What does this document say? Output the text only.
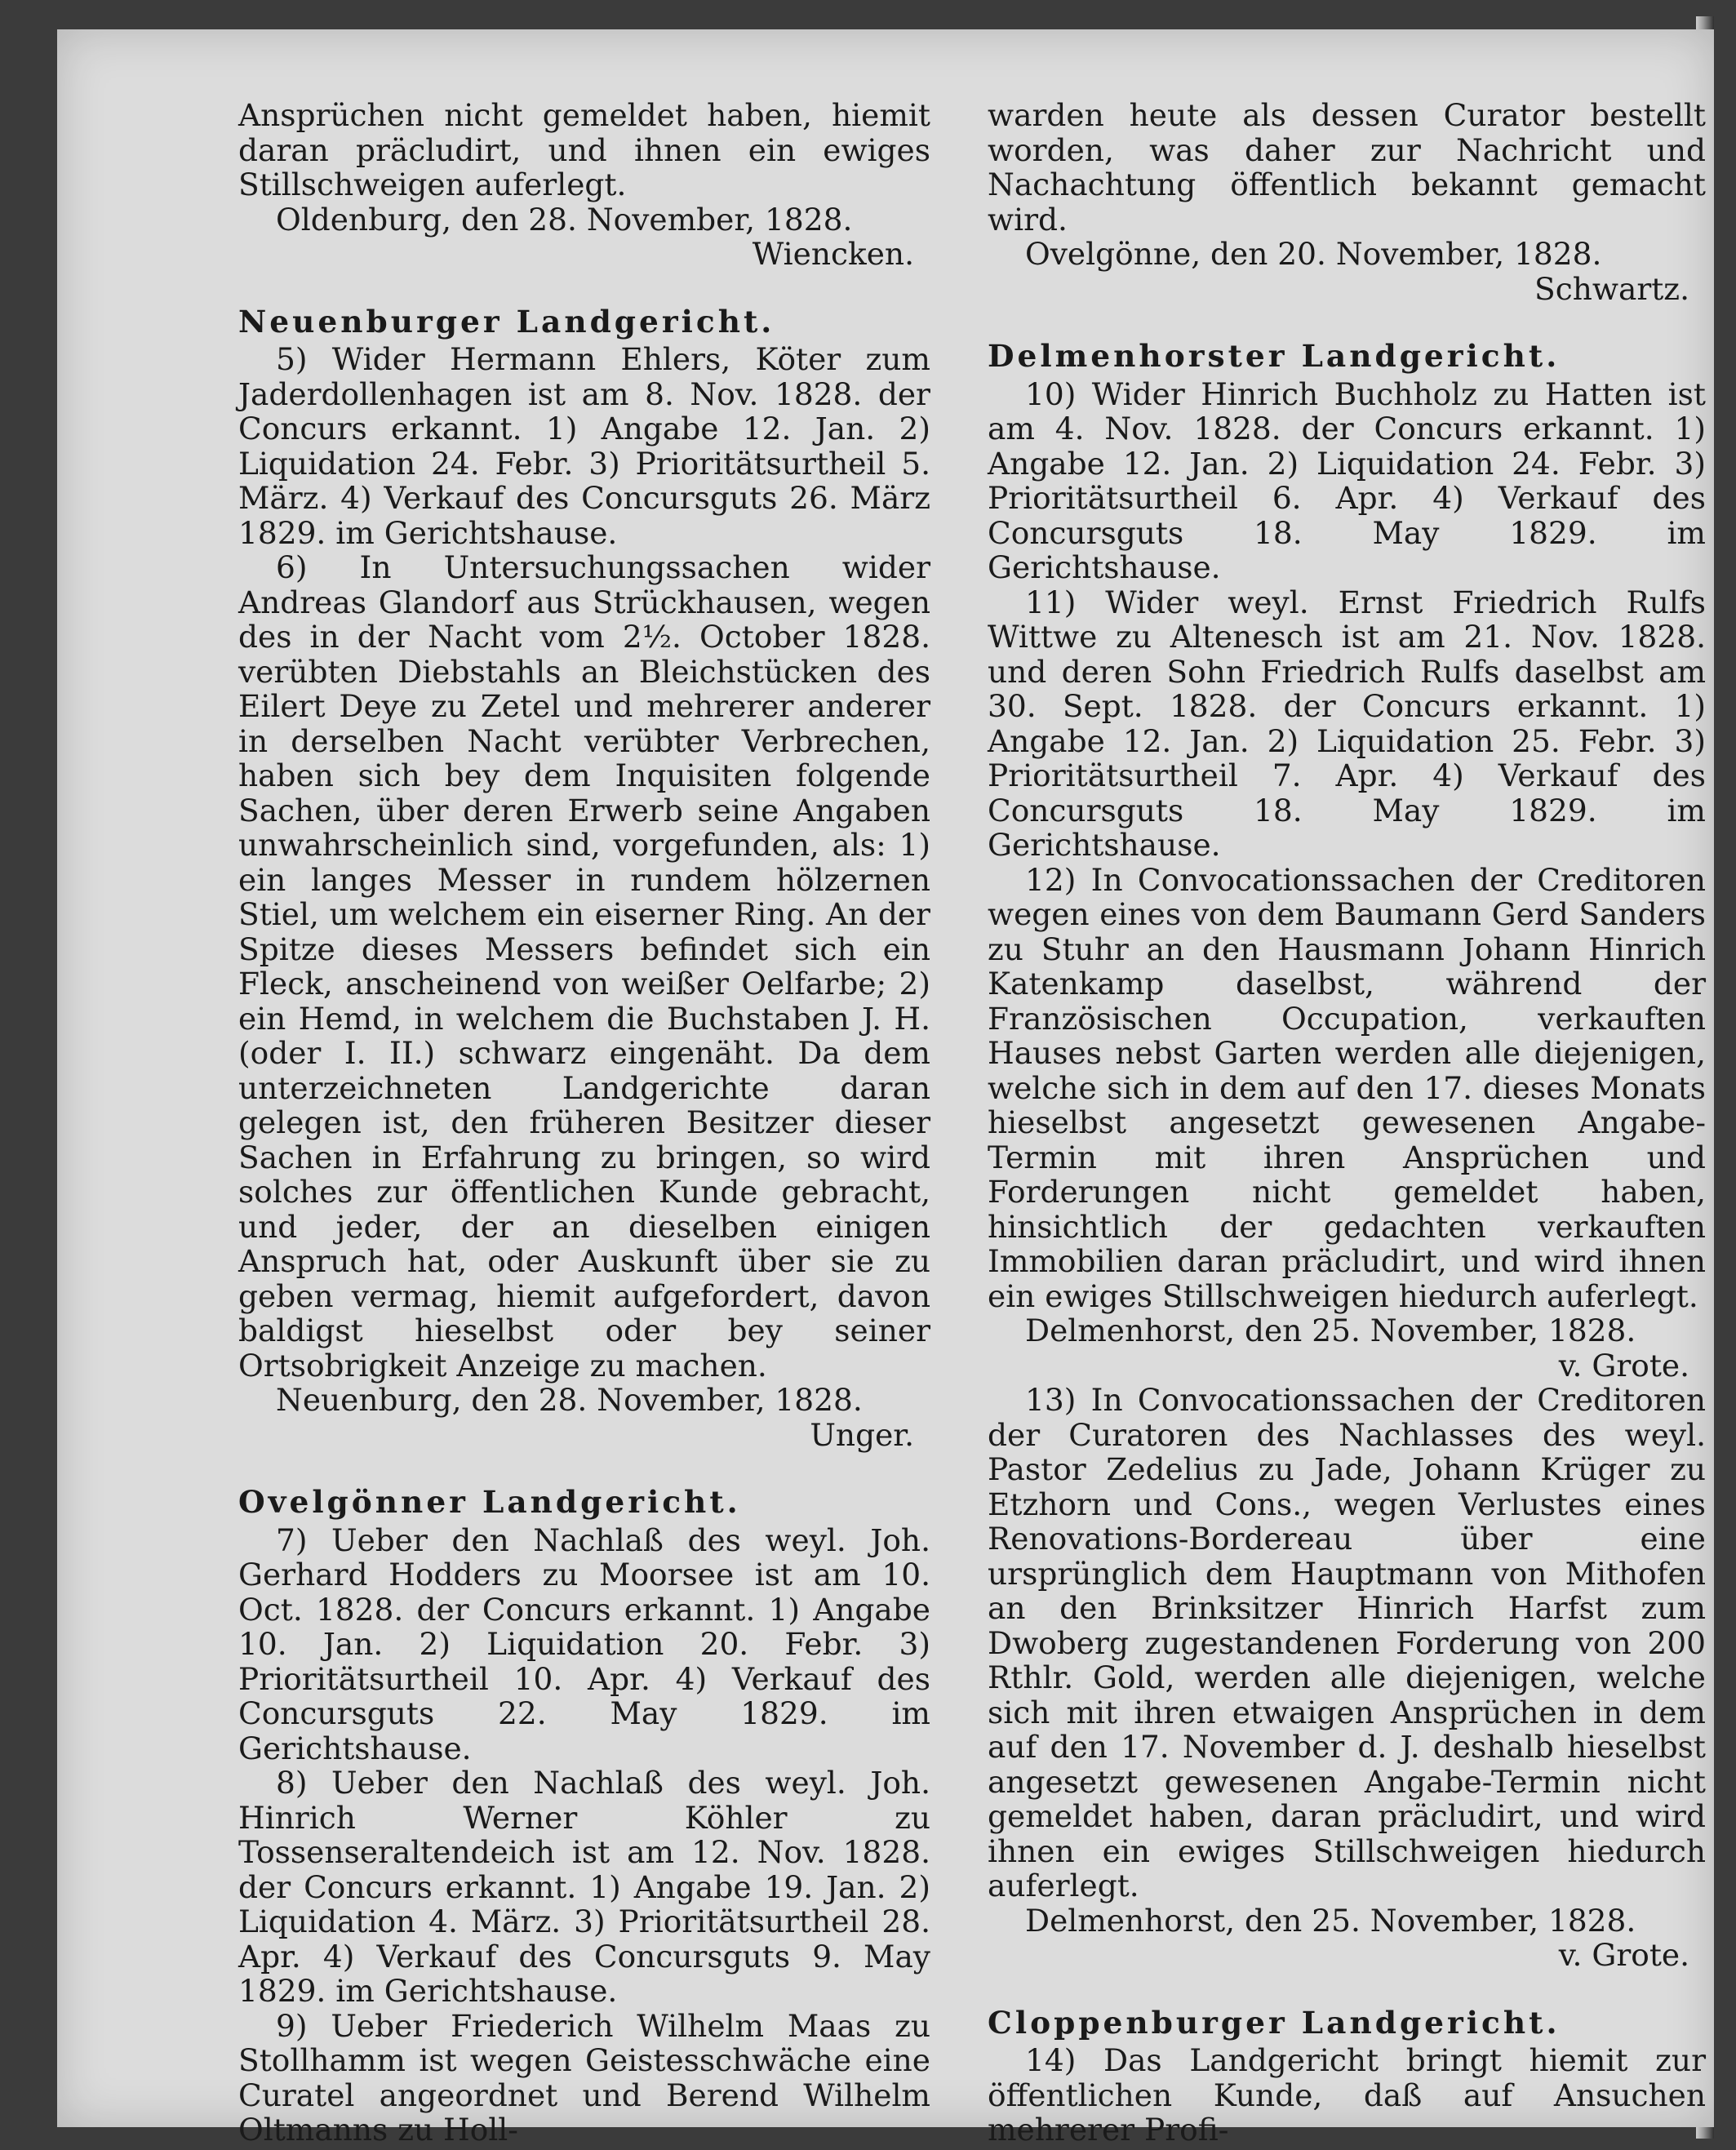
Ansprüchen nicht gemeldet haben, hiemit daran präcludirt, und ihnen ein ewiges Stillschweigen auferlegt.

Oldenburg, den 28. November, 1828.

Wiencken.

Neuenburger Landgericht.

5) Wider Hermann Ehlers, Köter zum Jaderdollenhagen ist am 8. Nov. 1828. der Concurs erkannt. 1) Angabe 12. Jan. 2) Liquidation 24. Febr. 3) Prioritätsurtheil 5. März. 4) Verkauf des Concursguts 26. März 1829. im Gerichtshause.

6) In Untersuchungssachen wider Andreas Glandorf aus Strückhausen, wegen des in der Nacht vom 2½. October 1828. verübten Diebstahls an Bleichstücken des Eilert Deye zu Zetel und mehrerer anderer in derselben Nacht verübter Verbrechen, haben sich bey dem Inquisiten folgende Sachen, über deren Erwerb seine Angaben unwahrscheinlich sind, vorgefunden, als: 1) ein langes Messer in rundem hölzernen Stiel, um welchem ein eiserner Ring. An der Spitze dieses Messers befindet sich ein Fleck, anscheinend von weißer Oelfarbe; 2) ein Hemd, in welchem die Buchstaben J. H. (oder I. II.) schwarz eingenäht. Da dem unterzeichneten Landgerichte daran gelegen ist, den früheren Besitzer dieser Sachen in Erfahrung zu bringen, so wird solches zur öffentlichen Kunde gebracht, und jeder, der an dieselben einigen Anspruch hat, oder Auskunft über sie zu geben vermag, hiemit aufgefordert, davon baldigst hieselbst oder bey seiner Ortsobrigkeit Anzeige zu machen.

Neuenburg, den 28. November, 1828.

Unger.

Ovelgönner Landgericht.

7) Ueber den Nachlaß des weyl. Joh. Gerhard Hodders zu Moorsee ist am 10. Oct. 1828. der Concurs erkannt. 1) Angabe 10. Jan. 2) Liquidation 20. Febr. 3) Prioritätsurtheil 10. Apr. 4) Verkauf des Concursguts 22. May 1829. im Gerichtshause.

8) Ueber den Nachlaß des weyl. Joh. Hinrich Werner Köhler zu Tossenseraltendeich ist am 12. Nov. 1828. der Concurs erkannt. 1) Angabe 19. Jan. 2) Liquidation 4. März. 3) Prioritätsurtheil 28. Apr. 4) Verkauf des Concursguts 9. May 1829. im Gerichtshause.

9) Ueber Friederich Wilhelm Maas zu Stollhamm ist wegen Geistesschwäche eine Curatel angeordnet und Berend Wilhelm Oltmanns zu Holl-

warden heute als dessen Curator bestellt worden, was daher zur Nachricht und Nachachtung öffentlich bekannt gemacht wird.

Ovelgönne, den 20. November, 1828.

Schwartz.

Delmenhorster Landgericht.

10) Wider Hinrich Buchholz zu Hatten ist am 4. Nov. 1828. der Concurs erkannt. 1) Angabe 12. Jan. 2) Liquidation 24. Febr. 3) Prioritätsurtheil 6. Apr. 4) Verkauf des Concursguts 18. May 1829. im Gerichtshause.

11) Wider weyl. Ernst Friedrich Rulfs Wittwe zu Altenesch ist am 21. Nov. 1828. und deren Sohn Friedrich Rulfs daselbst am 30. Sept. 1828. der Concurs erkannt. 1) Angabe 12. Jan. 2) Liquidation 25. Febr. 3) Prioritätsurtheil 7. Apr. 4) Verkauf des Concursguts 18. May 1829. im Gerichtshause.

12) In Convocationssachen der Creditoren wegen eines von dem Baumann Gerd Sanders zu Stuhr an den Hausmann Johann Hinrich Katenkamp daselbst, während der Französischen Occupation, verkauften Hauses nebst Garten werden alle diejenigen, welche sich in dem auf den 17. dieses Monats hieselbst angesetzt gewesenen Angabe-Termin mit ihren Ansprüchen und Forderungen nicht gemeldet haben, hinsichtlich der gedachten verkauften Immobilien daran präcludirt, und wird ihnen ein ewiges Stillschweigen hiedurch auferlegt.

Delmenhorst, den 25. November, 1828.

v. Grote.

13) In Convocationssachen der Creditoren der Curatoren des Nachlasses des weyl. Pastor Zedelius zu Jade, Johann Krüger zu Etzhorn und Cons., wegen Verlustes eines Renovations-Bordereau über eine ursprünglich dem Hauptmann von Mithofen an den Brinksitzer Hinrich Harfst zum Dwoberg zugestandenen Forderung von 200 Rthlr. Gold, werden alle diejenigen, welche sich mit ihren etwaigen Ansprüchen in dem auf den 17. November d. J. deshalb hieselbst angesetzt gewesenen Angabe-Termin nicht gemeldet haben, daran präcludirt, und wird ihnen ein ewiges Stillschweigen hiedurch auferlegt.

Delmenhorst, den 25. November, 1828.

v. Grote.

Cloppenburger Landgericht.

14) Das Landgericht bringt hiemit zur öffentlichen Kunde, daß auf Ansuchen mehrerer Profi-
